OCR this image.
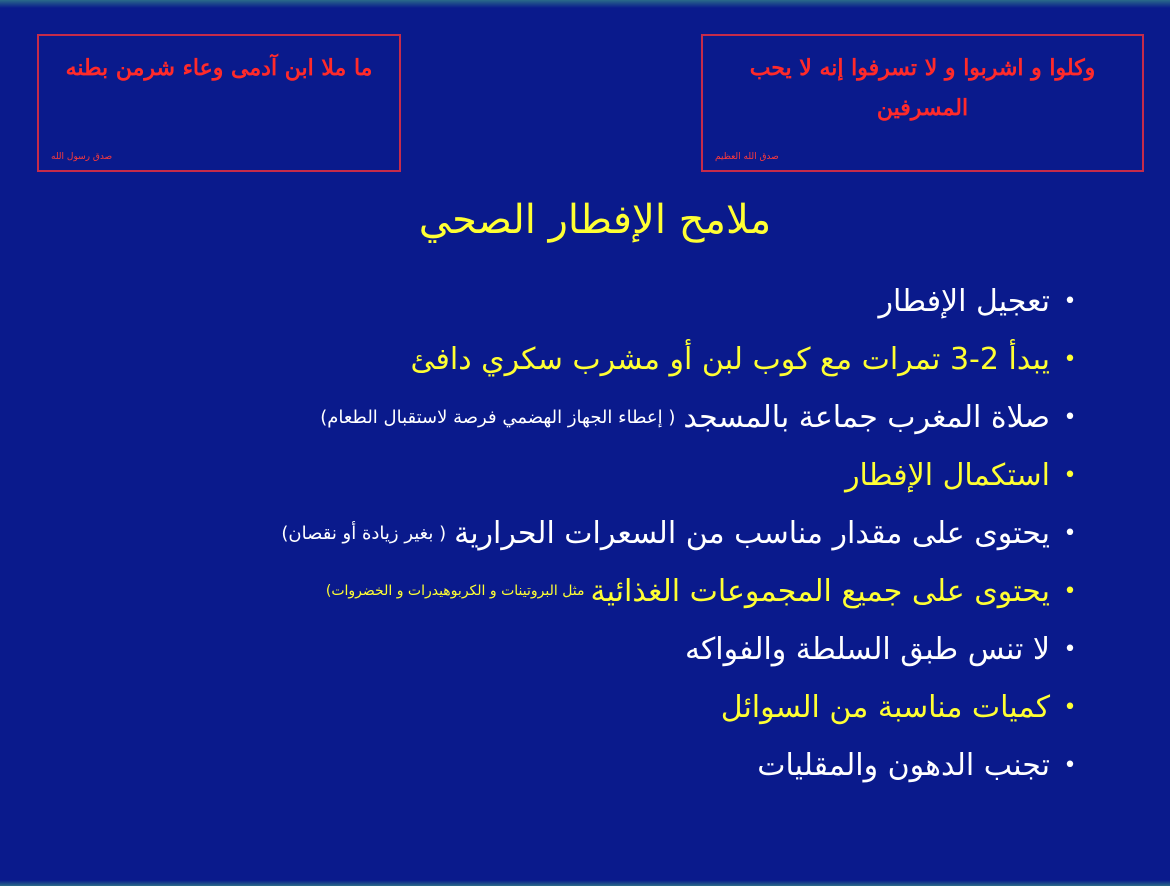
ما ملا ابن آدمى وعاء شرمن بطنه
صدق رسول الله
وكلوا و اشربوا و لا تسرفوا إنه لا يحب المسرفين
صدق الله العظيم
ملامح الإفطار الصحي
•
تعجيل الإفطار
•
يبدأ 2-3 تمرات مع كوب لبن أو مشرب سكري دافئ
•
صلاة المغرب جماعة بالمسجد
( إعطاء الجهاز الهضمي فرصة لاستقبال الطعام)
•
استكمال الإفطار
•
يحتوى على مقدار مناسب من السعرات الحرارية
( بغير زيادة أو نقصان)
•
يحتوى على جميع المجموعات الغذائية
مثل البروتينات و الكربوهيدرات و الخضروات)
•
لا تنس طبق السلطة والفواكه
•
كميات مناسبة من السوائل
•
تجنب الدهون والمقليات
